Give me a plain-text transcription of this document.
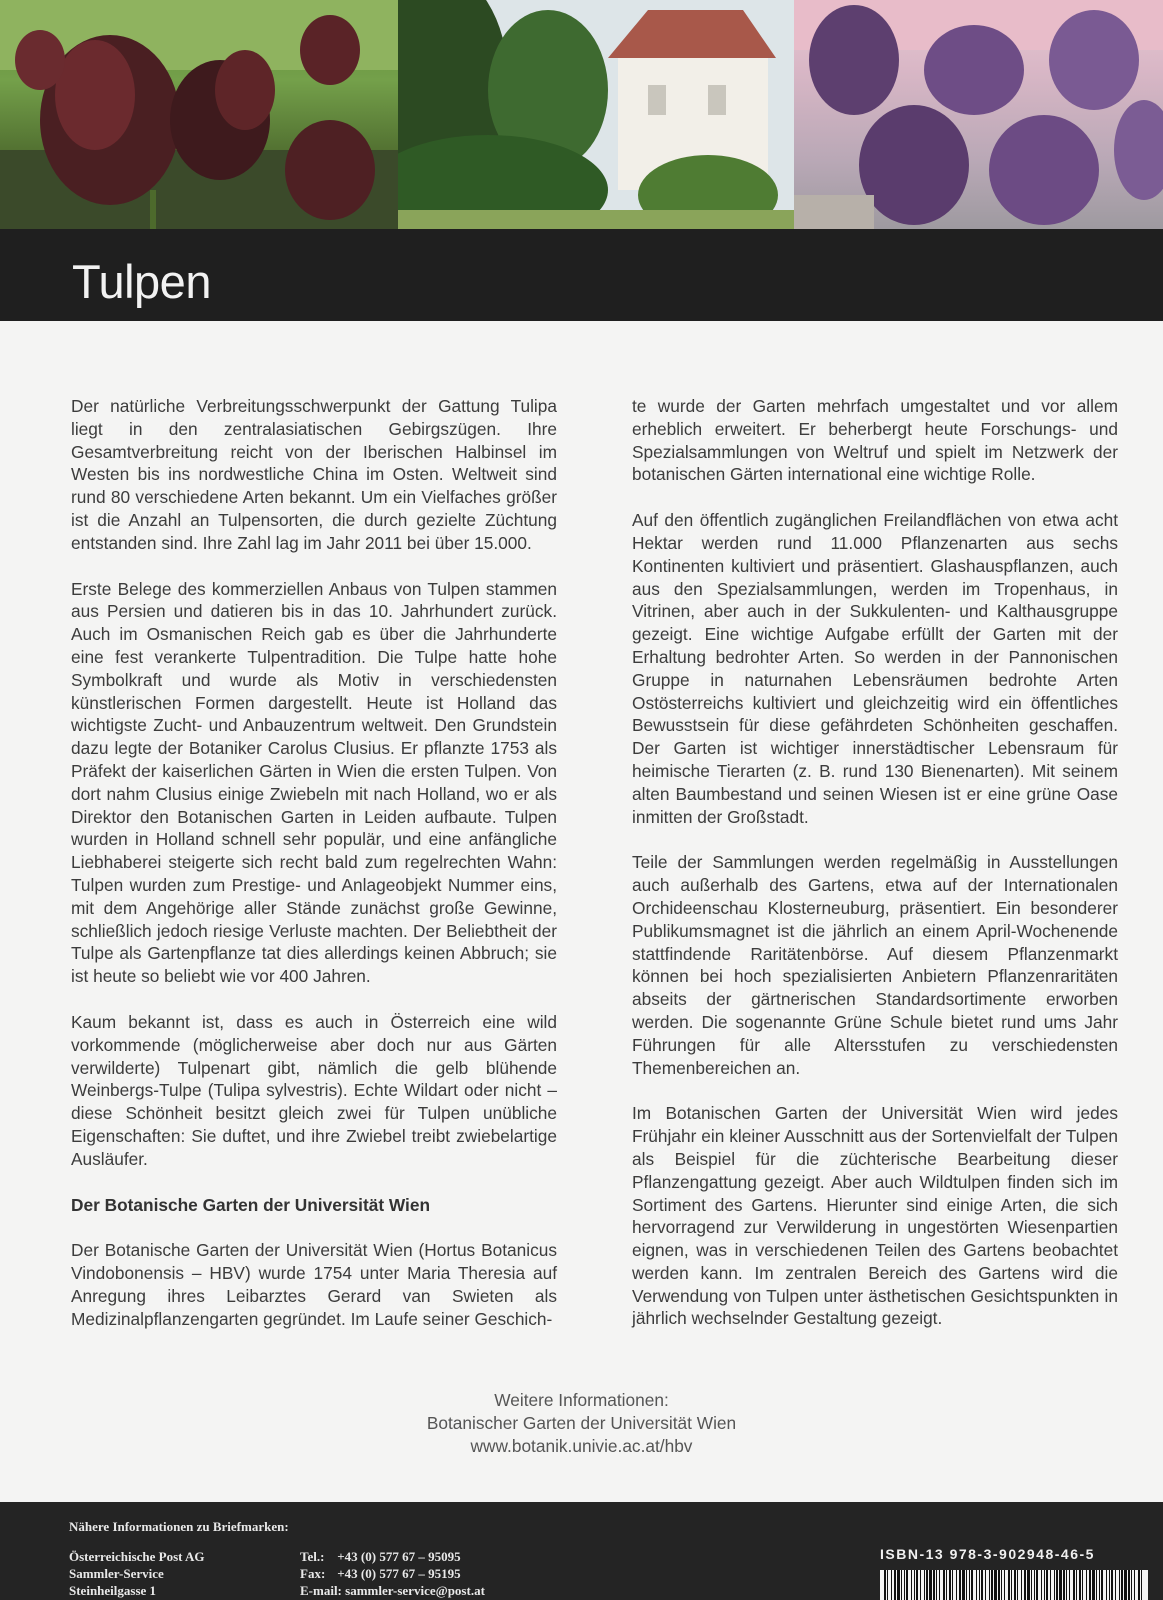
Tulpen

Der natürliche Verbreitungsschwerpunkt der Gattung Tulipa liegt in den zentralasiatischen Gebirgszügen. Ihre Gesamtverbreitung reicht von der Iberischen Halbinsel im Westen bis ins nordwestliche China im Osten. Weltweit sind rund 80 verschiedene Arten bekannt. Um ein Vielfaches größer ist die Anzahl an Tulpensorten, die durch gezielte Züchtung entstanden sind. Ihre Zahl lag im Jahr 2011 bei über 15.000.

Erste Belege des kommerziellen Anbaus von Tulpen stammen aus Persien und datieren bis in das 10. Jahrhundert zurück. Auch im Osmanischen Reich gab es über die Jahrhunderte eine fest verankerte Tulpentradition. Die Tulpe hatte hohe Symbolkraft und wurde als Motiv in verschiedensten künstlerischen Formen dargestellt. Heute ist Holland das wichtigste Zucht- und Anbauzentrum weltweit. Den Grundstein dazu legte der Botaniker Carolus Clusius. Er pflanzte 1753 als Präfekt der kaiserlichen Gärten in Wien die ersten Tulpen. Von dort nahm Clusius einige Zwiebeln mit nach Holland, wo er als Direktor den Botanischen Garten in Leiden aufbaute. Tulpen wurden in Holland schnell sehr populär, und eine anfängliche Liebhaberei steigerte sich recht bald zum regelrechten Wahn: Tulpen wurden zum Prestige- und Anlageobjekt Nummer eins, mit dem Angehörige aller Stände zunächst große Gewinne, schließlich jedoch riesige Verluste machten. Der Beliebtheit der Tulpe als Gartenpflanze tat dies allerdings keinen Abbruch; sie ist heute so beliebt wie vor 400 Jahren.

Kaum bekannt ist, dass es auch in Österreich eine wild vorkommende (möglicherweise aber doch nur aus Gärten verwilderte) Tulpenart gibt, nämlich die gelb blühende Weinbergs-Tulpe (Tulipa sylvestris). Echte Wildart oder nicht – diese Schönheit besitzt gleich zwei für Tulpen unübliche Eigenschaften: Sie duftet, und ihre Zwiebel treibt zwiebelartige Ausläufer.

Der Botanische Garten der Universität Wien

Der Botanische Garten der Universität Wien (Hortus Botanicus Vindobonensis – HBV) wurde 1754 unter Maria Theresia auf Anregung ihres Leibarztes Gerard van Swieten als Medizinalpflanzengarten gegründet. Im Laufe seiner Geschich-

te wurde der Garten mehrfach umgestaltet und vor allem erheblich erweitert. Er beherbergt heute Forschungs- und Spezialsammlungen von Weltruf und spielt im Netzwerk der botanischen Gärten international eine wichtige Rolle.

Auf den öffentlich zugänglichen Freilandflächen von etwa acht Hektar werden rund 11.000 Pflanzenarten aus sechs Kontinenten kultiviert und präsentiert. Glashauspflanzen, auch aus den Spezialsammlungen, werden im Tropenhaus, in Vitrinen, aber auch in der Sukkulenten- und Kalthausgruppe gezeigt. Eine wichtige Aufgabe erfüllt der Garten mit der Erhaltung bedrohter Arten. So werden in der Pannonischen Gruppe in naturnahen Lebensräumen bedrohte Arten Ostösterreichs kultiviert und gleichzeitig wird ein öffentliches Bewusstsein für diese gefährdeten Schönheiten geschaffen. Der Garten ist wichtiger innerstädtischer Lebensraum für heimische Tierarten (z. B. rund 130 Bienenarten). Mit seinem alten Baumbestand und seinen Wiesen ist er eine grüne Oase inmitten der Großstadt.

Teile der Sammlungen werden regelmäßig in Ausstellungen auch außerhalb des Gartens, etwa auf der Internationalen Orchideenschau Klosterneuburg, präsentiert. Ein besonderer Publikumsmagnet ist die jährlich an einem April-Wochenende stattfindende Raritätenbörse. Auf diesem Pflanzenmarkt können bei hoch spezialisierten Anbietern Pflanzenraritäten abseits der gärtnerischen Standardsortimente erworben werden. Die sogenannte Grüne Schule bietet rund ums Jahr Führungen für alle Altersstufen zu verschiedensten Themenbereichen an.

Im Botanischen Garten der Universität Wien wird jedes Frühjahr ein kleiner Ausschnitt aus der Sortenvielfalt der Tulpen als Beispiel für die züchterische Bearbeitung dieser Pflanzengattung gezeigt. Aber auch Wildtulpen finden sich im Sortiment des Gartens. Hierunter sind einige Arten, die sich hervorragend zur Verwilderung in ungestörten Wiesenpartien eignen, was in verschiedenen Teilen des Gartens beobachtet werden kann. Im zentralen Bereich des Gartens wird die Verwendung von Tulpen unter ästhetischen Gesichtspunkten in jährlich wechselnder Gestaltung gezeigt.

Weitere Informationen:
Botanischer Garten der Universität Wien
www.botanik.univie.ac.at/hbv
Nähere Informationen zu Briefmarken:
Österreichische Post AG
Sammler-Service
Steinheilgasse 1
Tel.: +43 (0) 577 67 – 95095
Fax: +43 (0) 577 67 – 95195
E-mail: sammler-service@post.at
ISBN-13 978-3-902948-46-5
